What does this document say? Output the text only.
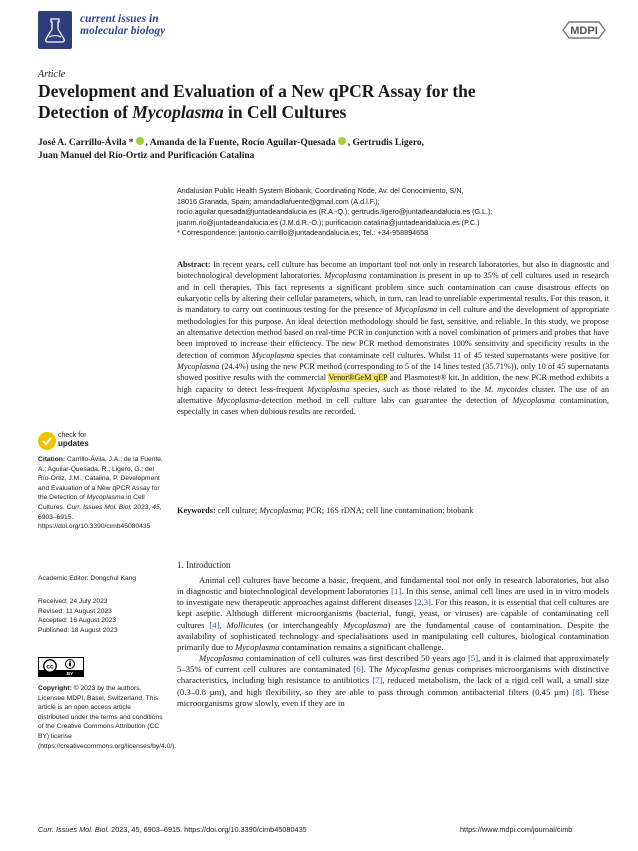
current issues in
molecular biology	MDPI
Article
Development and Evaluation of a New qPCR Assay for the
Detection of Mycoplasma in Cell Cultures
José A. Carrillo-Ávila * , Amanda de la Fuente, Rocío Aguilar-Quesada , Gertrudis Ligero,
Juan Manuel del Río-Ortiz and Purificación Catalina
Andalusian Public Health System Biobank, Coordinating Node, Av. del Conocimiento, S/N,
18016 Granada, Spain; amandadlafuente@gmail.com (A.d.l.F.);
rocio.aguilar.quesada@juntadeandalucia.es (R.A.-Q.); gertrudis.ligero@juntadeandalucia.es (G.L.);
juanm.rio@juntadeandalucia.es (J.M.d.R.-O.); purificacion.catalina@juntadeandalucia.es (P.C.)
* Correspondence: jantonio.carrillo@juntadeandalucia.es; Tel.: +34-958894658
Abstract: In recent years, cell culture has become an important tool not only in research laboratories, but also in diagnostic and biotechnological development laboratories. Mycoplasma contamination is present in up to 35% of cell cultures used in research and in cell therapies. This fact represents a significant problem since such contamination can cause disastrous effects on eukaryotic cells by altering their cellular parameters, which, in turn, can lead to unreliable experimental results. For this reason, it is mandatory to carry out continuous testing for the presence of Mycoplasma in cell culture and the development of appropriate methodologies for this purpose. An ideal detection methodology should be fast, sensitive, and reliable. In this study, we propose an alternative detection method based on real-time PCR in conjunction with a novel combination of primers and probes that have been improved to increase their efficiency. The new PCR method demonstrates 100% sensitivity and specificity results in the detection of common Mycoplasma species that contaminate cell cultures. Whilst 11 of 45 tested supernatants were positive for Mycoplasma (24.4%) using the new PCR method (corresponding to 5 of the 14 lines tested (35.71%)), only 10 of 45 supernatants showed positive results with the commercial Venor®GeM qEP and Plasmotest® kit. In addition, the new PCR method exhibits a high capacity to detect less-frequent Mycoplasma species, such as those related to the M. mycoides cluster. The use of an alternative Mycoplasma-detection method in cell culture labs can guarantee the detection of Mycoplasma contamination, especially in cases when dubious results are recorded.
Keywords: cell culture; Mycoplasma; PCR; 16S rDNA; cell line contamination; biobank
1. Introduction

Animal cell cultures have become a basic, frequent, and fundamental tool not only in research laboratories, but also in diagnostic and biotechnological development laboratories [1]. In this sense, animal cell lines are used in in vitro models to investigate new therapeutic approaches against different diseases [2,3]. For this reason, it is essential that cell cultures are kept aseptic. Although different microorganisms (bacterial, fungi, yeast, or viruses) are capable of contaminating cell cultures [4], Mollicutes (or interchangeably Mycoplasma) are the fundamental cause of contamination. Despite the availability of sophisticated technology and specialisations used in manipulating cell cultures, biological contamination primarily due to Mycoplasma contamination remains a significant challenge.

Mycoplasma contamination of cell cultures was first described 50 years ago [5], and it is claimed that approximately 5–35% of current cell cultures are contaminated [6]. The Mycoplasma genus comprises microorganisms with distinctive characteristics, including high resistance to antibiotics [7], reduced metabolism, the lack of a rigid cell wall, a small size (0.3–0.8 µm), and high flexibility, so they are able to pass through common antibacterial filters (0.45 µm) [8]. These microorganisms grow slowly, even if they are in

check for
updates
Citation: Carrillo-Ávila, J.A.; de la Fuente, A.; Aguilar-Quesada, R.; Ligero, G.; del Río-Ortiz, J.M.; Catalina, P. Development and Evaluation of a New qPCR Assay for the Detection of Mycoplasma in Cell Cultures. Curr. Issues Mol. Biol. 2023, 45, 6903–6915. https://doi.org/10.3390/cimb45080435
Academic Editor: Dongchul Kang
Received: 24 July 2023
Revised: 11 August 2023
Accepted: 16 August 2023
Published: 18 August 2023
cc
BY
Copyright: © 2023 by the authors. Licensee MDPI, Basel, Switzerland. This article is an open access article distributed under the terms and conditions of the Creative Commons Attribution (CC BY) license (https://creativecommons.org/licenses/by/4.0/).
Curr. Issues Mol. Biol. 2023, 45, 6903–6915. https://doi.org/10.3390/cimb45080435	https://www.mdpi.com/journal/cimb
